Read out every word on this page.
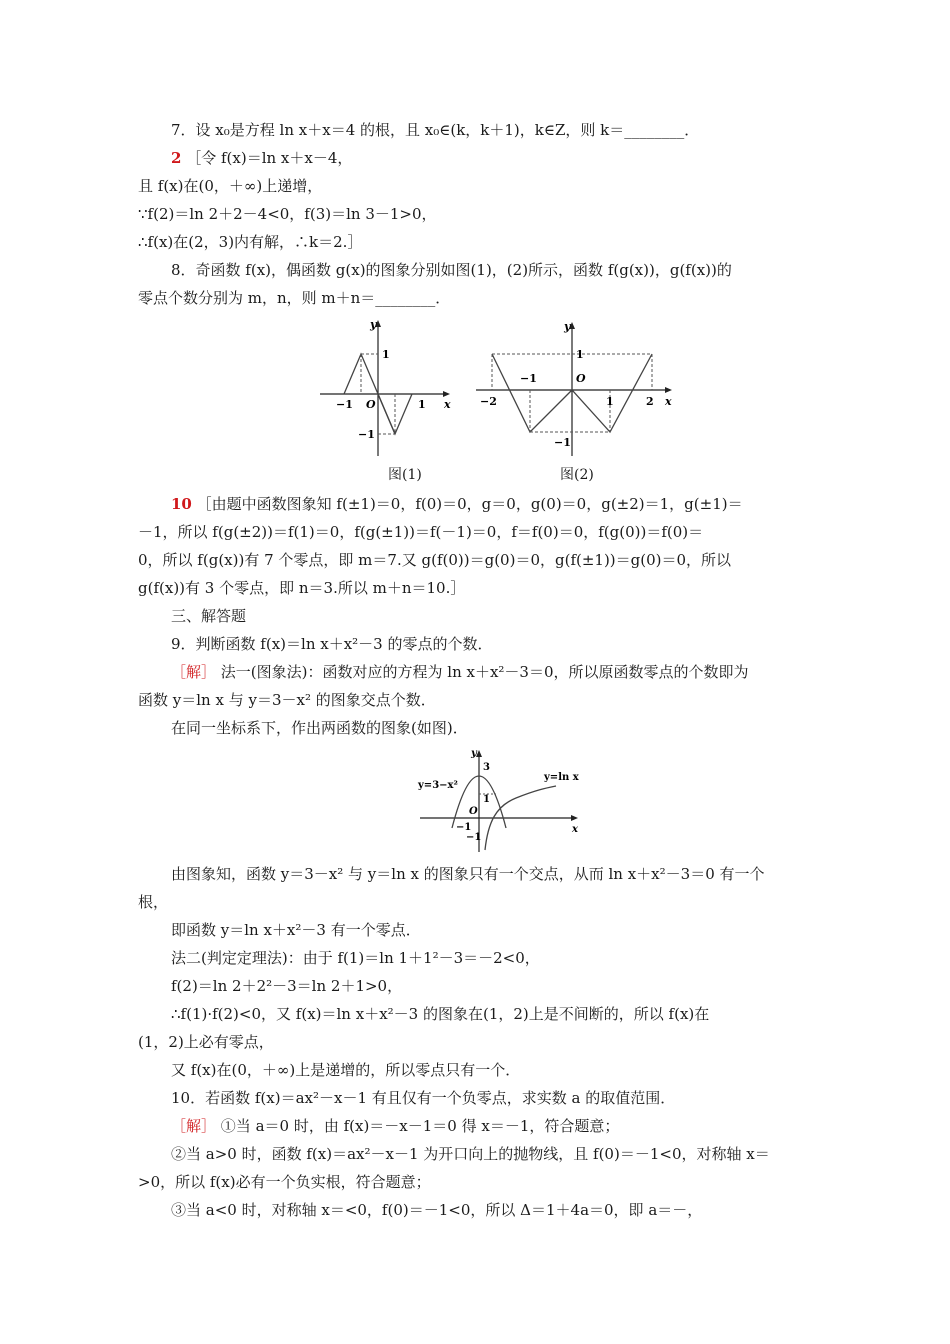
7．设 x₀是方程 ln x＋x＝4 的根，且 x₀∈(k，k＋1)，k∈Z，则 k＝________．
2 ［令 f(x)＝ln x＋x－4，
且 f(x)在(0，＋∞)上递增，
∵f(2)＝ln 2＋2－4<0，f(3)＝ln 3－1>0，
∴f(x)在(2，3)内有解，∴k＝2.］
8．奇函数 f(x)，偶函数 g(x)的图象分别如图(1)，(2)所示，函数 f(g(x))，g(f(x))的
零点个数分别为 m，n，则 m＋n＝________．
y
x
1
−1 O	1
−1
y
x
1
−1	O
1
−2	2
−1
图(1)	图(2)
10 ［由题中函数图象知 f(±1)＝0，f(0)＝0，g＝0，g(0)＝0，g(±2)＝1，g(±1)＝
－1，所以 f(g(±2))＝f(1)＝0，f(g(±1))＝f(－1)＝0，f＝f(0)＝0，f(g(0))＝f(0)＝
0，所以 f(g(x))有 7 个零点，即 m＝7.又 g(f(0))＝g(0)＝0，g(f(±1))＝g(0)＝0，所以
g(f(x))有 3 个零点，即 n＝3.所以 m＋n＝10.］
三、解答题
9．判断函数 f(x)＝ln x＋x²－3 的零点的个数．
［解］ 法一(图象法)：函数对应的方程为 ln x＋x²－3＝0，所以原函数零点的个数即为
函数 y＝ln x 与 y＝3－x² 的图象交点个数．
在同一坐标系下，作出两函数的图象(如图)．
y
x
3
y=3−x²
y=ln x
1
O
−1
−1
由图象知，函数 y＝3－x² 与 y＝ln x 的图象只有一个交点，从而 ln x＋x²－3＝0 有一个
根，
即函数 y＝ln x＋x²－3 有一个零点．
法二(判定定理法)：由于 f(1)＝ln 1＋1²－3＝－2<0，
f(2)＝ln 2＋2²－3＝ln 2＋1>0，
∴f(1)·f(2)<0，又 f(x)＝ln x＋x²－3 的图象在(1，2)上是不间断的，所以 f(x)在
(1，2)上必有零点，
又 f(x)在(0，＋∞)上是递增的，所以零点只有一个．
10．若函数 f(x)＝ax²－x－1 有且仅有一个负零点，求实数 a 的取值范围．
［解］ ①当 a＝0 时，由 f(x)＝－x－1＝0 得 x＝－1，符合题意；
②当 a>0 时，函数 f(x)＝ax²－x－1 为开口向上的抛物线，且 f(0)＝－1<0，对称轴 x＝
>0，所以 f(x)必有一个负实根，符合题意；
③当 a<0 时，对称轴 x＝<0，f(0)＝－1<0，所以 Δ＝1＋4a＝0，即 a＝－，
